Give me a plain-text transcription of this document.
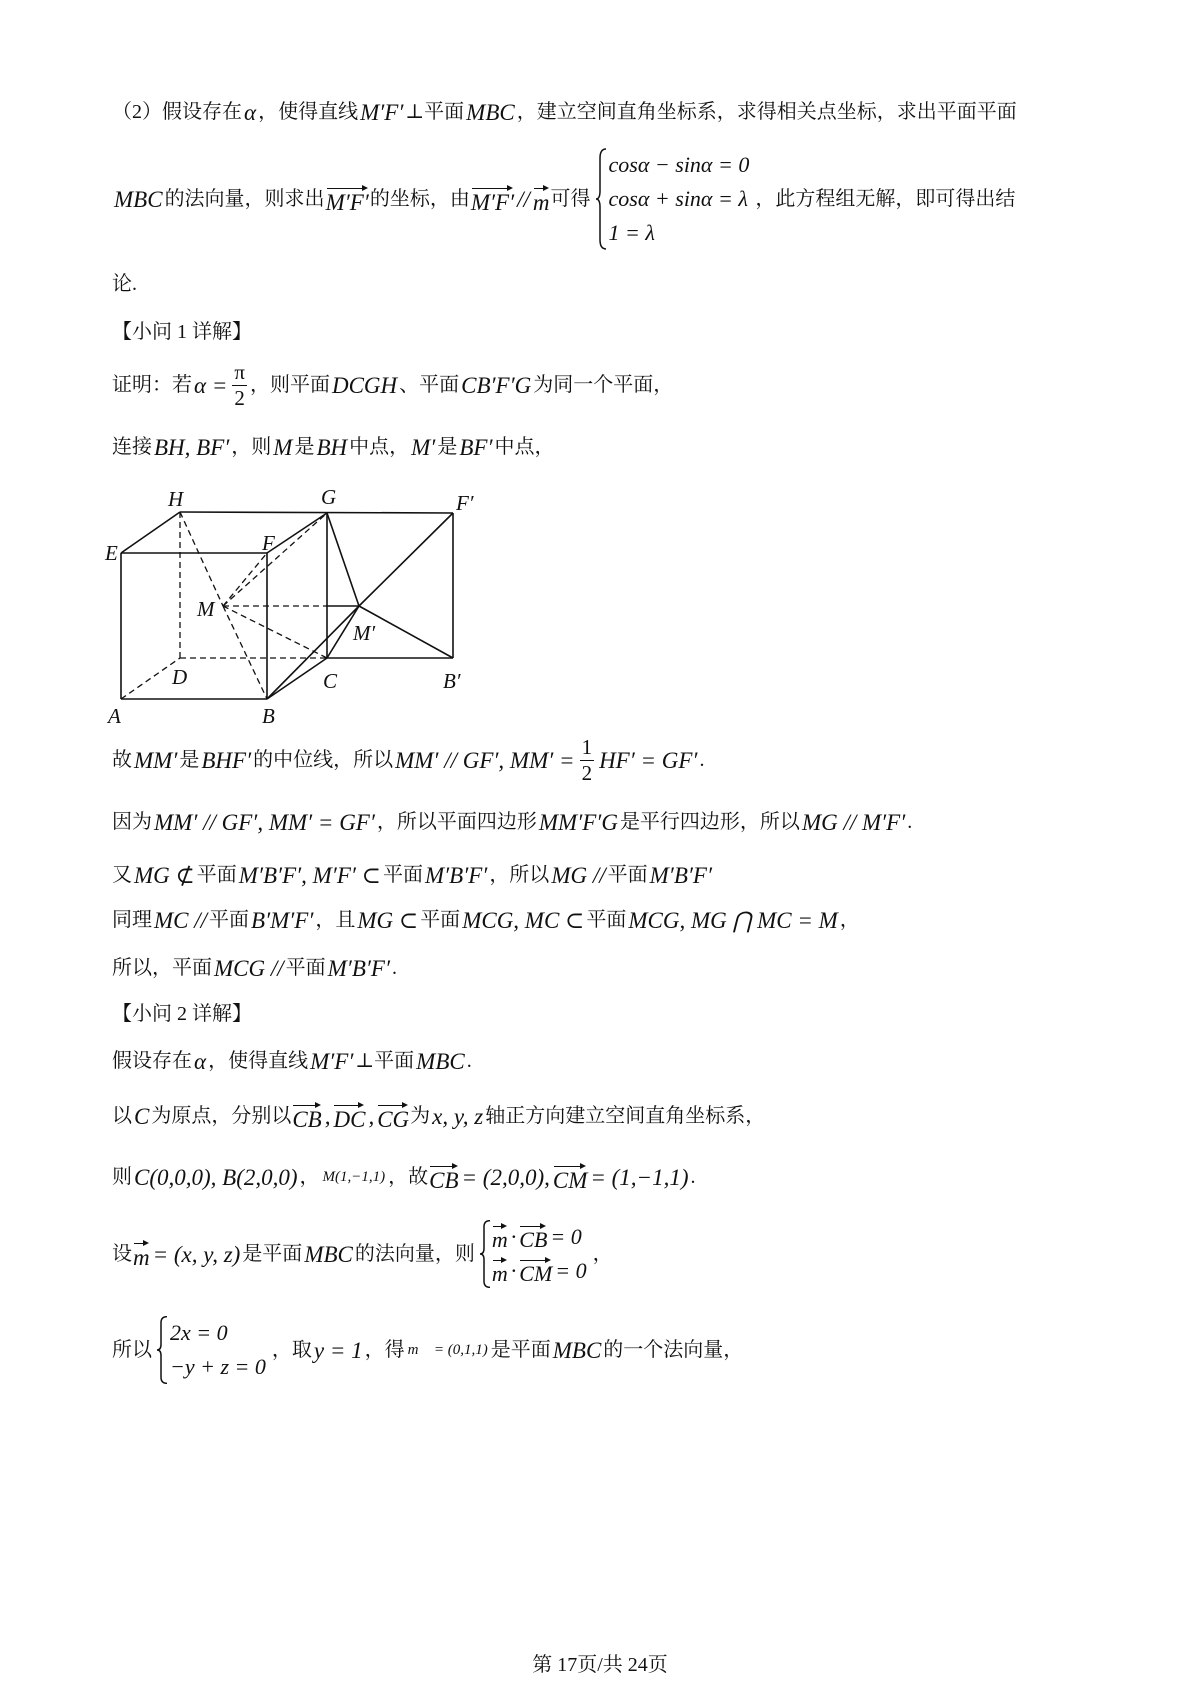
（2）假设存在 α ，使得直线 M′F′ ⊥平面 MBC ，建立空间直角坐标系，求得相关点坐标，求出平面平面
MBC 的法向量，则求出 M′F′ 的坐标，由 M′F′ // m 可得
cosα − sinα = 0
cosα + sinα = λ
1 = λ
，此方程组无解，即可得出结
论.
【小问 1 详解】
证明：若 $\alpha = \frac{\pi}{2}$ ，则平面 DCGH 、平面 CB′F′G 为同一个平面，
连接 BH, BF′ ，则 M 是 BH 中点， M′ 是 BF′ 中点，
故 MM′ 是 BHF′ 的中位线，所以 MM′ // GF′, $MM' = \frac{1}{2} HF' = GF'$ .
因为 MM′ // GF′, MM′ = GF′ ，所以平面四边形 MM′F′G 是平行四边形，所以 MG // M′F′ .
又 MG ⊄ 平面 M′B′F′, M′F′ ⊂ 平面 M′B′F′ ，所以 MG // 平面 M′B′F′
同理 MC // 平面 B′M′F′ ，且 MG ⊂ 平面 MCG, MC ⊂ 平面 MCG, MG ⋂ MC = M ，
所以，平面 MCG // 平面 M′B′F′ .
【小问 2 详解】
假设存在 α ，使得直线 M′F′ ⊥平面 MBC .
以 C 为原点，分别以 CB , DC , CG 为 x, y, z 轴正方向建立空间直角坐标系，
则 C(0,0,0), B(2,0,0) ， M(1,−1,1) ，故 CB = (2,0,0), CM = (1,−1,1) .
设 m = (x, y, z) 是平面 MBC 的法向量，则
m · CB = 0
m · CM = 0
，
所以
2x = 0
−y + z = 0
，取 y = 1 ，得 m⃗ = (0,1,1) 是平面 MBC 的一个法向量，
H	G	F′
E	F
M
M′
D	C	B′
A	B
第 17页/共 24页
